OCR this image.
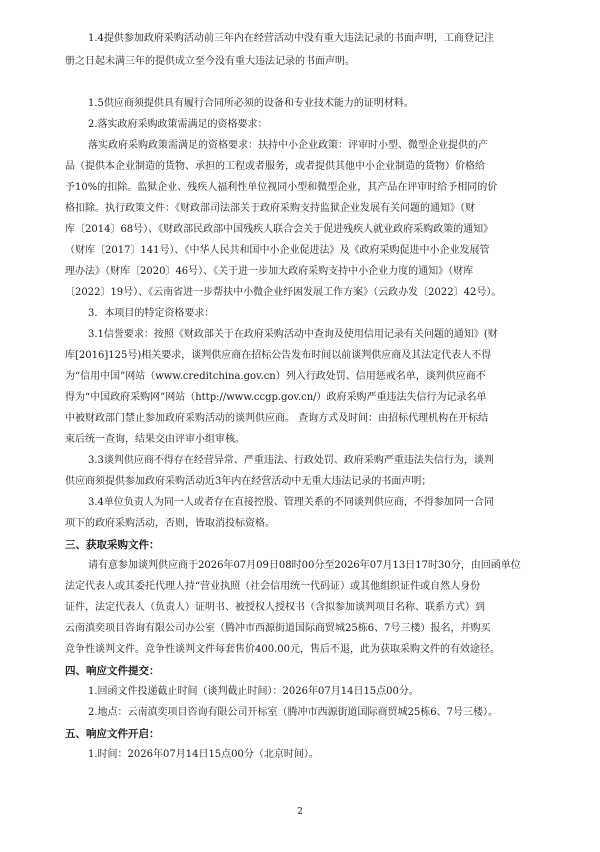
1.4提供参加政府采购活动前三年内在经营活动中没有重大违法记录的书面声明，工商登记注
册之日起未满三年的提供成立至今没有重大违法记录的书面声明。
1.5供应商须提供具有履行合同所必须的设备和专业技术能力的证明材料。
2.落实政府采购政策需满足的资格要求：
落实政府采购政策需满足的资格要求：扶持中小企业政策：评审时小型、微型企业提供的产
品（提供本企业制造的货物、承担的工程或者服务，或者提供其他中小企业制造的货物）价格给
予10%的扣除。监狱企业、残疾人福利性单位视同小型和微型企业，其产品在评审时给予相同的价
格扣除。执行政策文件：《财政部司法部关于政府采购支持监狱企业发展有关问题的通知》（财
库〔2014〕68号）、《财政部民政部中国残疾人联合会关于促进残疾人就业政府采购政策的通知》
（财库〔2017〕141号）、《中华人民共和国中小企业促进法》及《政府采购促进中小企业发展管
理办法》（财库〔2020〕46号）、《关于进一步加大政府采购支持中小企业力度的通知》（财库
〔2022〕19号）、《云南省进一步帮扶中小微企业纾困发展工作方案》（云政办发〔2022〕42号）。
3．本项目的特定资格要求：
3.1信誉要求：按照《财政部关于在政府采购活动中查询及使用信用记录有关问题的通知》(财
库[2016]125号)相关要求，谈判供应商在招标公告发布时间以前谈判供应商及其法定代表人不得
为“信用中国”网站（www.creditchina.gov.cn）列入行政处罚、信用惩戒名单，谈判供应商不
得为“中国政府采购网”网站（http://www.ccgp.gov.cn/）政府采购严重违法失信行为记录名单
中被财政部门禁止参加政府采购活动的谈判供应商。 查询方式及时间：由招标代理机构在开标结
束后统一查询，结果交由评审小组审核。
3.3谈判供应商不得存在经营异常、严重违法、行政处罚、政府采购严重违法失信行为，谈判
供应商须提供参加政府采购活动近3年内在经营活动中无重大违法记录的书面声明；
3.4单位负责人为同一人或者存在直接控股、管理关系的不同谈判供应商，不得参加同一合同
项下的政府采购活动，否则，皆取消投标资格。
三、获取采购文件：
请有意参加谈判供应商于2026年07月09日08时00分至2026年07月13日17时30分，由回函单位
法定代表人或其委托代理人持“营业执照（社会信用统一代码证）或其他组织证件或自然人身份
证件，法定代表人（负责人）证明书、被授权人授权书（含拟参加谈判项目名称、联系方式）到
云南滇奕项目咨询有限公司办公室（腾冲市西源街道国际商贸城25栋6、7号三楼）报名，并购买
竞争性谈判文件。竞争性谈判文件每套售价400.00元，售后不退，此为获取采购文件的有效途径。
四、响应文件提交：
1.回函文件投递截止时间（谈判截止时间）：2026年07月14日15点00分。
2.地点：云南滇奕项目咨询有限公司开标室（腾冲市西源街道国际商贸城25栋6、7号三楼）。
五、响应文件开启：
1.时间：2026年07月14日15点00分（北京时间）。
2
